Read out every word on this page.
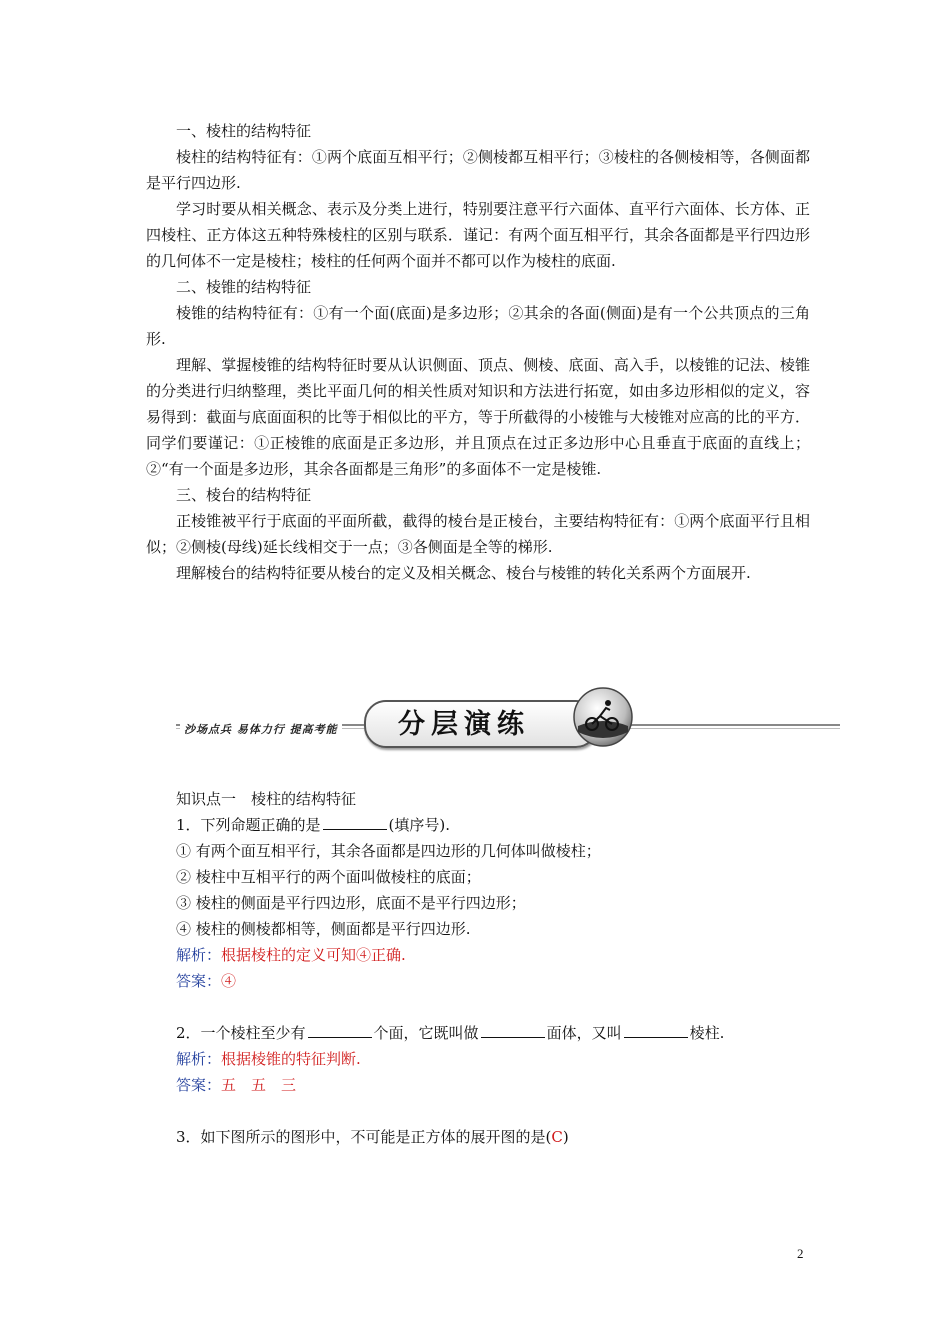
一、棱柱的结构特征

棱柱的结构特征有：①两个底面互相平行；②侧棱都互相平行；③棱柱的各侧棱相等，各侧面都是平行四边形.

学习时要从相关概念、表示及分类上进行，特别要注意平行六面体、直平行六面体、长方体、正四棱柱、正方体这五种特殊棱柱的区别与联系．谨记：有两个面互相平行，其余各面都是平行四边形的几何体不一定是棱柱；棱柱的任何两个面并不都可以作为棱柱的底面.

二、棱锥的结构特征

棱锥的结构特征有：①有一个面(底面)是多边形；②其余的各面(侧面)是有一个公共顶点的三角形.

理解、掌握棱锥的结构特征时要从认识侧面、顶点、侧棱、底面、高入手，以棱锥的记法、棱锥的分类进行归纳整理，类比平面几何的相关性质对知识和方法进行拓宽，如由多边形相似的定义，容易得到：截面与底面面积的比等于相似比的平方，等于所截得的小棱锥与大棱锥对应高的比的平方．同学们要谨记：①正棱锥的底面是正多边形，并且顶点在过正多边形中心且垂直于底面的直线上；②“有一个面是多边形，其余各面都是三角形”的多面体不一定是棱锥.

三、棱台的结构特征

正棱锥被平行于底面的平面所截，截得的棱台是正棱台，主要结构特征有：①两个底面平行且相似；②侧棱(母线)延长线相交于一点；③各侧面是全等的梯形.

理解棱台的结构特征要从棱台的定义及相关概念、棱台与棱锥的转化关系两个方面展开.

沙场点兵 易体力行 提高考能 分层演练

知识点一　棱柱的结构特征

1．下列命题正确的是	(填序号).

① 有两个面互相平行，其余各面都是四边形的几何体叫做棱柱；

② 棱柱中互相平行的两个面叫做棱柱的底面；

③ 棱柱的侧面是平行四边形，底面不是平行四边形；

④ 棱柱的侧棱都相等，侧面都是平行四边形.

解析：根据棱柱的定义可知④正确.

答案：④

2．一个棱柱至少有	个面，它既叫做	面体，又叫	棱柱.

解析：根据棱锥的特征判断.

答案：五　五　三

3．如下图所示的图形中，不可能是正方体的展开图的是(C)

2
